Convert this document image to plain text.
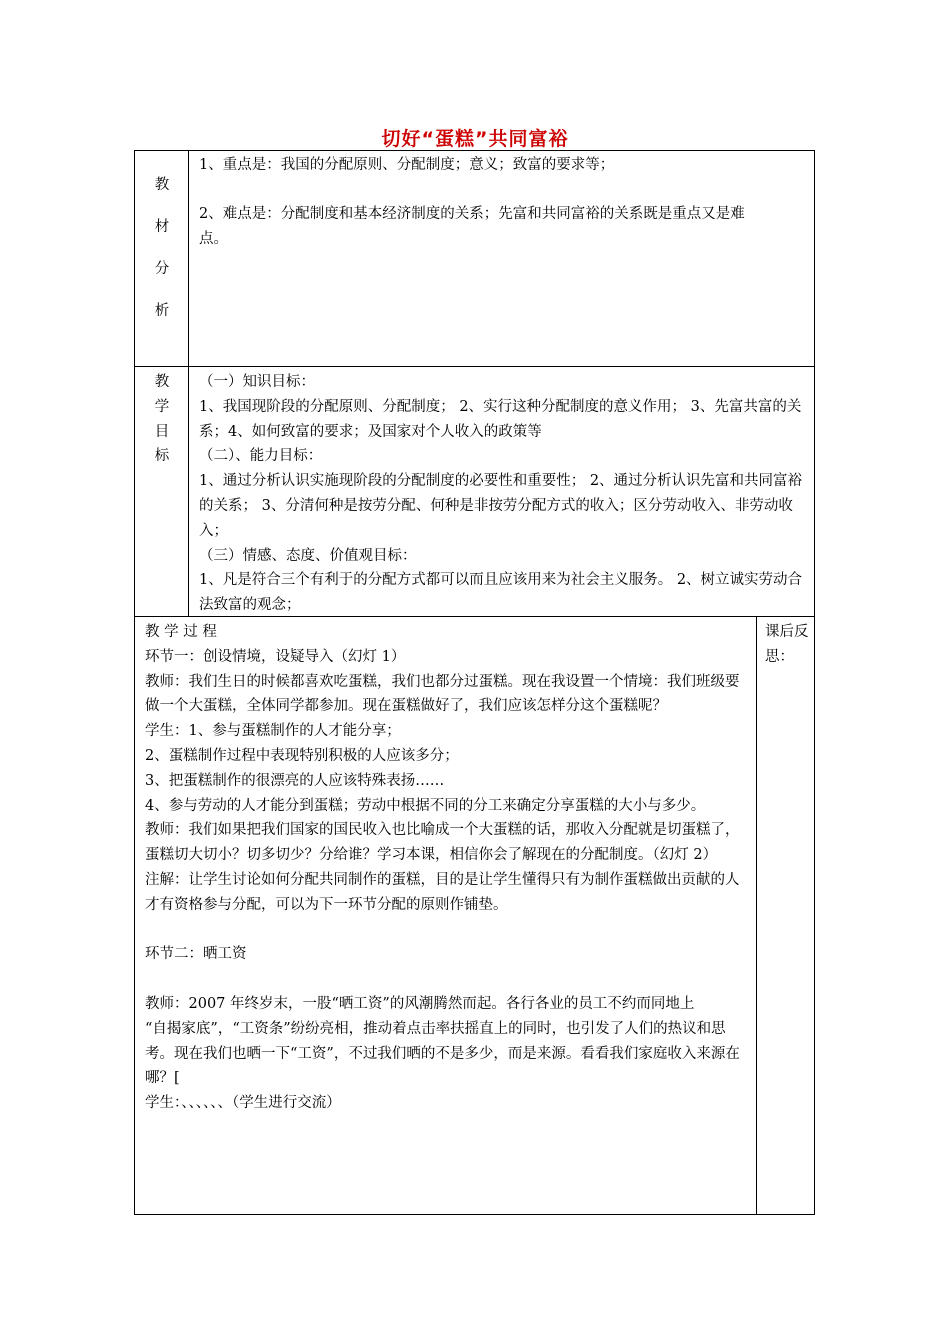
切好“蛋糕”共同富裕
教
材
分
析

1、重点是：我国的分配原则、分配制度；意义；致富的要求等；

2、难点是：分配制度和基本经济制度的关系；先富和共同富裕的关系既是重点又是难点。

教
学
目
标

（一）知识目标：

1、我国现阶段的分配原则、分配制度； 2、实行这种分配制度的意义作用； 3、先富共富的关系；4、如何致富的要求；及国家对个人收入的政策等

（二）、能力目标：

1、通过分析认识实施现阶段的分配制度的必要性和重要性； 2、通过分析认识先富和共同富裕的关系； 3、分清何种是按劳分配、何种是非按劳分配方式的收入；区分劳动收入、非劳动收入；

（三）情感、态度、价值观目标：

1、凡是符合三个有利于的分配方式都可以而且应该用来为社会主义服务。 2、树立诚实劳动合法致富的观念；

教 学 过 程

环节一：创设情境，设疑导入（幻灯 1）

教师：我们生日的时候都喜欢吃蛋糕，我们也都分过蛋糕。现在我设置一个情境：我们班级要做一个大蛋糕，全体同学都参加。现在蛋糕做好了，我们应该怎样分这个蛋糕呢？

学生：1、参与蛋糕制作的人才能分享；

2、蛋糕制作过程中表现特别积极的人应该多分；

3、把蛋糕制作的很漂亮的人应该特殊表扬……

4、参与劳动的人才能分到蛋糕；劳动中根据不同的分工来确定分享蛋糕的大小与多少。

教师：我们如果把我们国家的国民收入也比喻成一个大蛋糕的话，那收入分配就是切蛋糕了，蛋糕切大切小？切多切少？分给谁？学习本课，相信你会了解现在的分配制度。（幻灯 2）

注解：让学生讨论如何分配共同制作的蛋糕，目的是让学生懂得只有为制作蛋糕做出贡献的人才有资格参与分配，可以为下一环节分配的原则作铺垫。

环节二：晒工资

教师：2007 年终岁末，一股“晒工资”的风潮腾然而起。各行各业的员工不约而同地上

“自揭家底”，“工资条”纷纷亮相，推动着点击率扶摇直上的同时，也引发了人们的热议和思考。现在我们也晒一下“工资”，不过我们晒的不是多少，而是来源。看看我们家庭收入来源在哪？[

学生：、、、、、、（学生进行交流）

课后反思：
